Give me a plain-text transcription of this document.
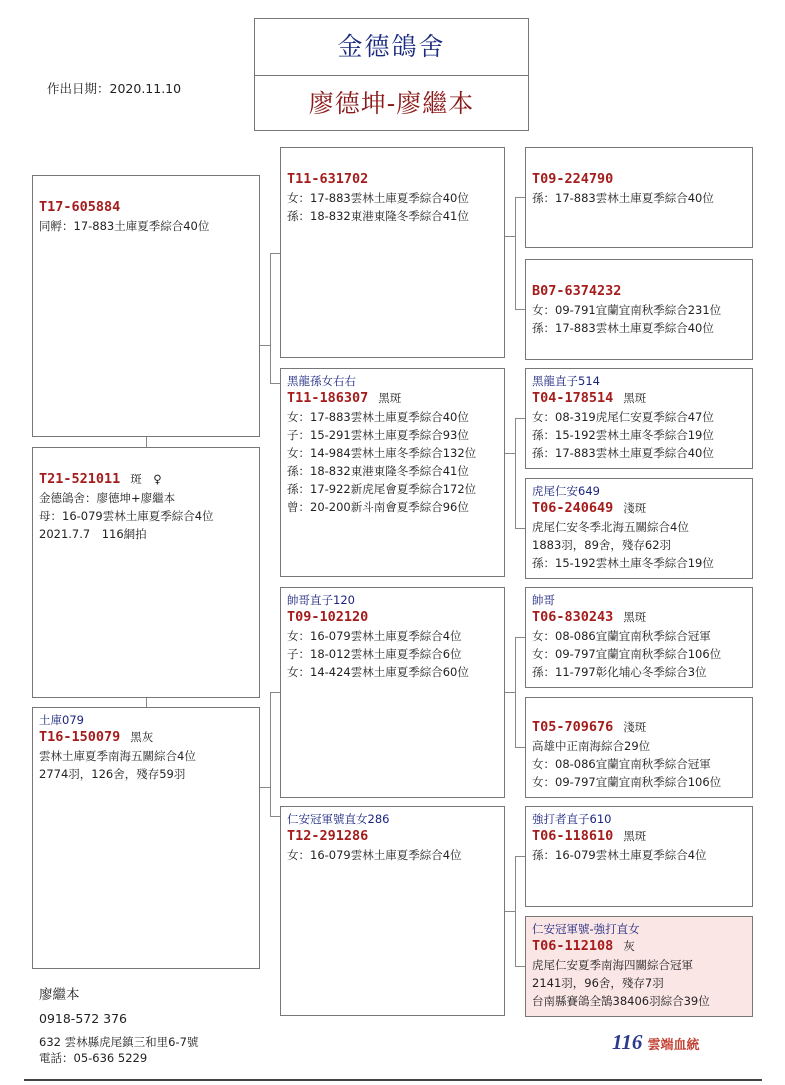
金德鴿舍
廖德坤-廖繼本
作出日期：2020.11.10
T17-605884
同孵：17-883土庫夏季綜合40位
T21-521011 斑　♀
金德鴿舍：廖德坤+廖繼本
母：16-079雲林土庫夏季綜合4位
2021.7.7　116網拍
土庫079
T16-150079 黑灰
雲林土庫夏季南海五關綜合4位
2774羽，126舍，殘存59羽
T11-631702
女：17-883雲林土庫夏季綜合40位
孫：18-832東港東隆冬季綜合41位
黑龍孫女右右
T11-186307 黑斑
女：17-883雲林土庫夏季綜合40位
子：15-291雲林土庫夏季綜合93位
女：14-984雲林土庫冬季綜合132位
孫：18-832東港東隆冬季綜合41位
孫：17-922新虎尾會夏季綜合172位
曾：20-200新斗南會夏季綜合96位
帥哥直子120
T09-102120
女：16-079雲林土庫夏季綜合4位
子：18-012雲林土庫夏季綜合6位
女：14-424雲林土庫夏季綜合60位
仁安冠軍號直女286
T12-291286
女：16-079雲林土庫夏季綜合4位
T09-224790
孫：17-883雲林土庫夏季綜合40位
B07-6374232
女：09-791宜蘭宜南秋季綜合231位
孫：17-883雲林土庫夏季綜合40位
黑龍直子514
T04-178514 黑斑
女：08-319虎尾仁安夏季綜合47位
孫：15-192雲林土庫冬季綜合19位
孫：17-883雲林土庫夏季綜合40位
虎尾仁安649
T06-240649 淺斑
虎尾仁安冬季北海五關綜合4位
1883羽，89舍，殘存62羽
孫：15-192雲林土庫冬季綜合19位
帥哥
T06-830243 黑斑
女：08-086宜蘭宜南秋季綜合冠軍
女：09-797宜蘭宜南秋季綜合106位
孫：11-797彰化埔心冬季綜合3位
T05-709676 淺斑
高雄中正南海綜合29位
女：08-086宜蘭宜南秋季綜合冠軍
女：09-797宜蘭宜南秋季綜合106位
強打者直子610
T06-118610 黑斑
孫：16-079雲林土庫夏季綜合4位
仁安冠軍號-強打直女
T06-112108 灰
虎尾仁安夏季南海四關綜合冠軍
2141羽，96舍，殘存7羽
台南縣賽鴿全鵠38406羽綜合39位
廖繼本
0918-572 376
632 雲林縣虎尾鎮三和里6-7號
電話：05-636 5229
116 雲端血統
